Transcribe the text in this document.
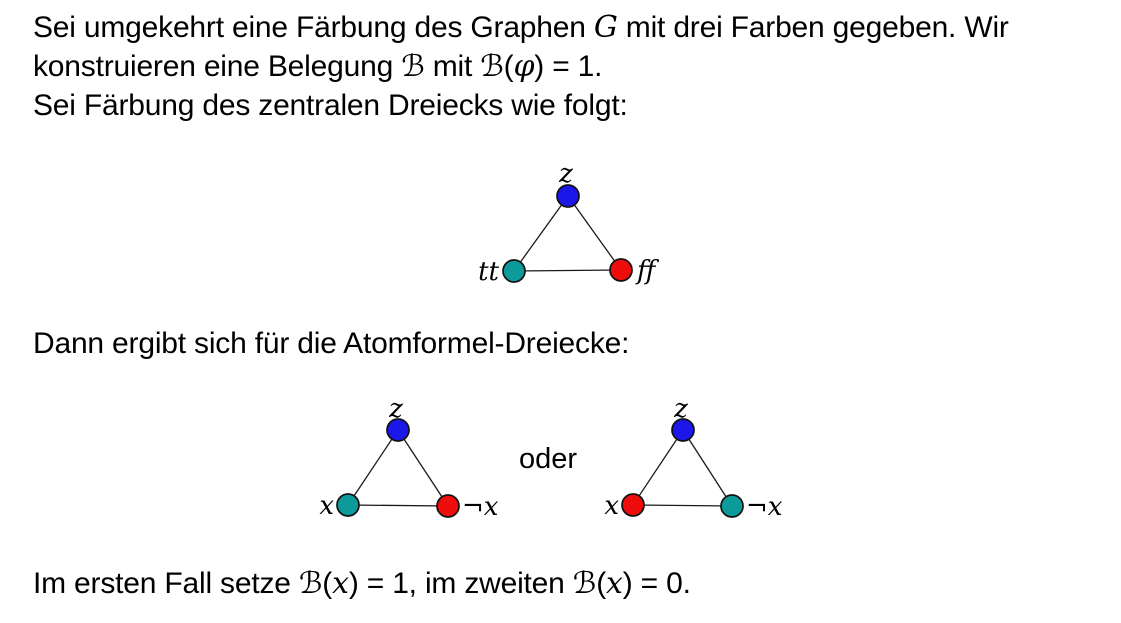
Sei umgekehrt eine Färbung des Graphen G mit drei Farben gegeben. Wir
konstruieren eine Belegung ℬ mit ℬ(φ) = 1.
Sei Färbung des zentralen Dreiecks wie folgt:
z
tt	ff
Dann ergibt sich für die Atomformel-Dreiecke:
z
x	¬x
oder
z
x	¬x
Im ersten Fall setze ℬ(x) = 1, im zweiten ℬ(x) = 0.
